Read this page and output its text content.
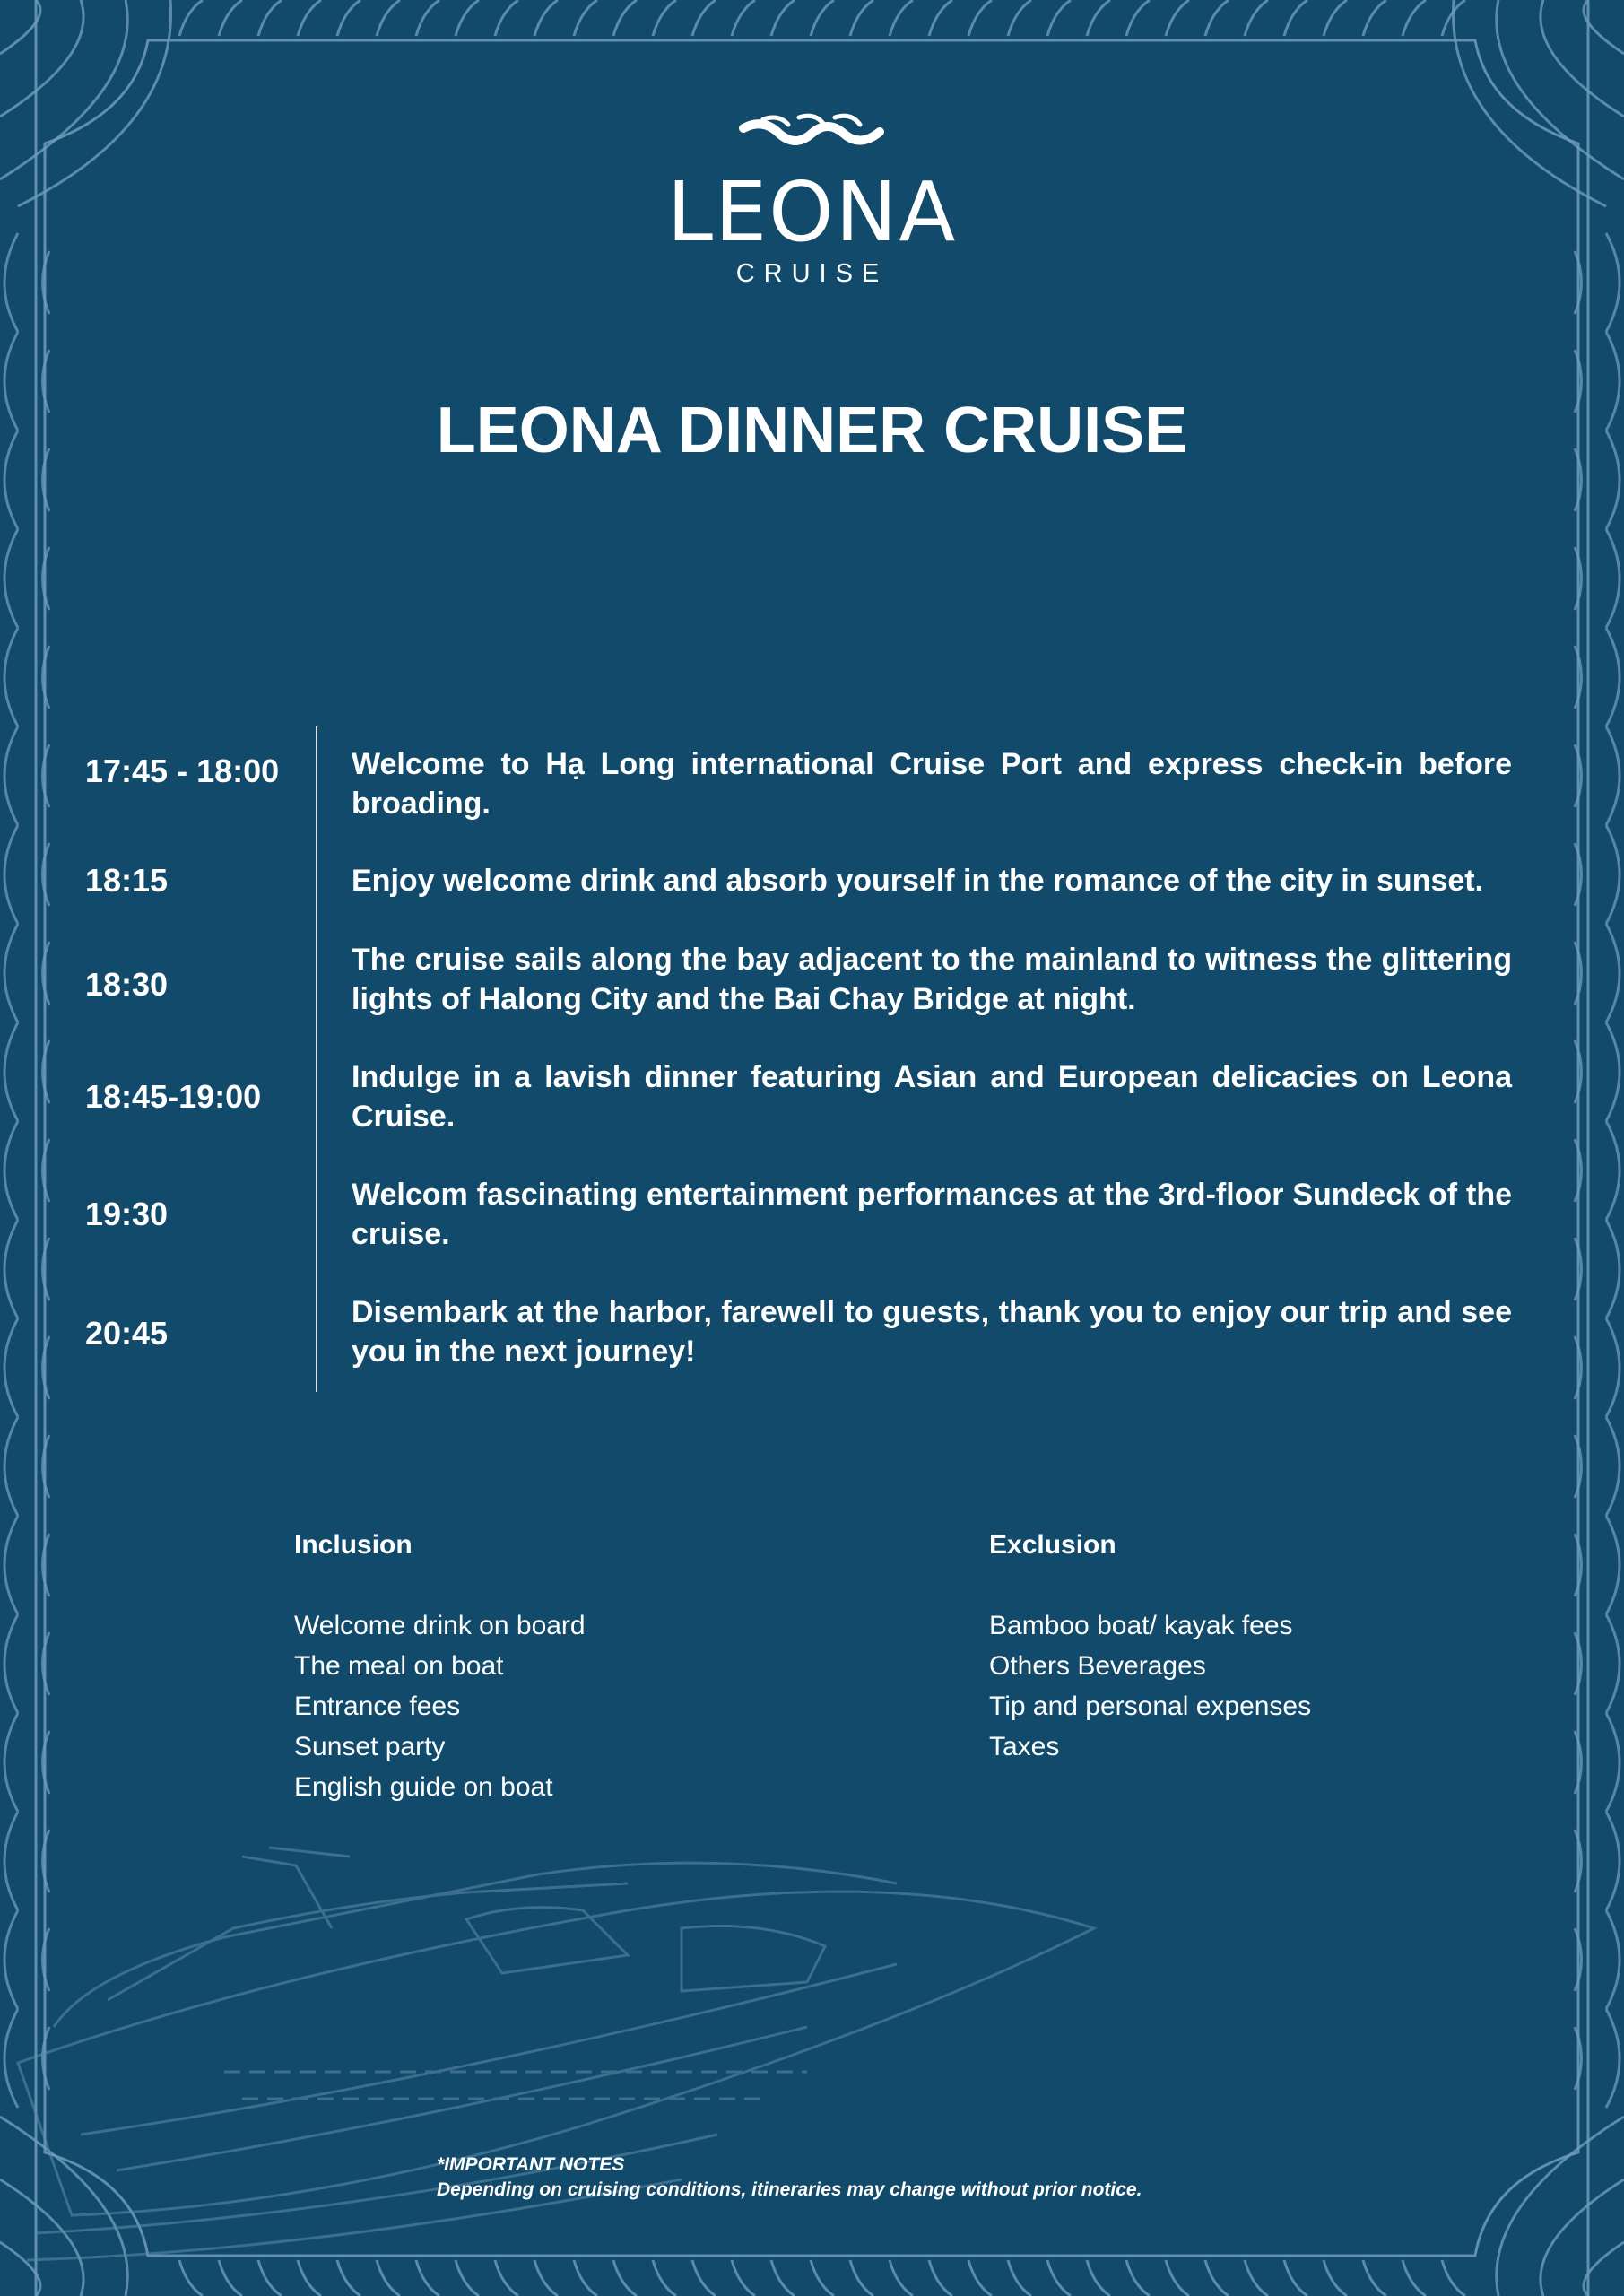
LEONA
CRUISE
LEONA DINNER CRUISE
17:45 - 18:00	Welcome to Hạ Long international Cruise Port and express check-in before broading.
18:15	Enjoy welcome drink and absorb yourself in the romance of the city in sunset.
18:30
The cruise sails along the bay adjacent to the mainland to witness the glittering lights of Halong City and the Bai Chay Bridge at night.
18:45-19:00
Indulge in a lavish dinner featuring Asian and European delicacies on Leona Cruise.
19:30
Welcom fascinating entertainment performances at the 3rd-floor Sundeck of the cruise.
20:45
Disembark at the harbor, farewell to guests, thank you to enjoy our trip and see you in the next journey!
Inclusion
Welcome drink on board
The meal on boat
Entrance fees
Sunset party
English guide on boat
Exclusion
Bamboo boat/ kayak fees
Others Beverages
Tip and personal expenses
Taxes
*IMPORTANT NOTES
Depending on cruising conditions, itineraries may change without prior notice.
